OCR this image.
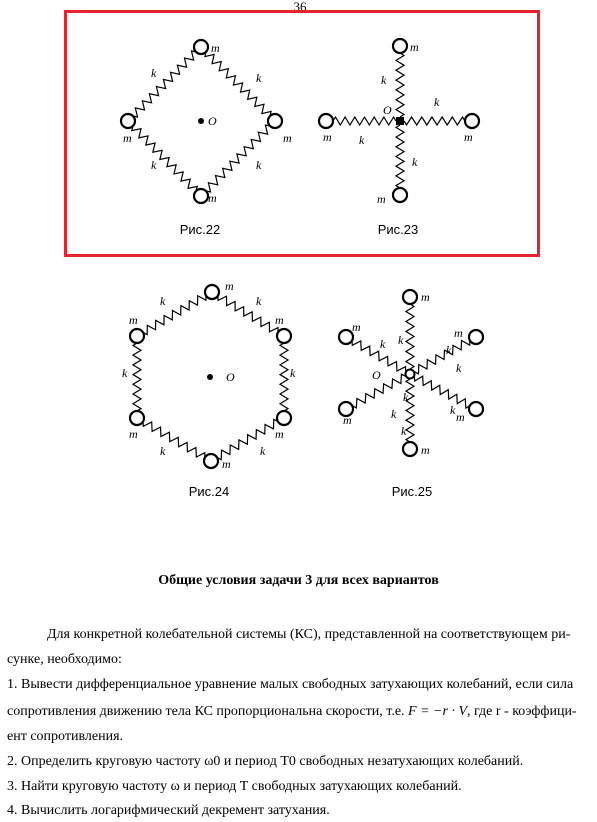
36
O
m
m
m
m
k	k
k	k
O
m
m
m
m
k
k
k
k
O
m
m
m
m
m
m
k	k
k
k
k
k	O
m
m
m
m
m
m
k k
k
k
k
k
k
k
Рис.22	Рис.23
Рис.24	Рис.25
Общие условия задачи 3 для всех вариантов
Для конкретной колебательной системы (КС), представленной на соответствующем ри-
сунке, необходимо:
1. Вывести дифференциальное уравнение малых свободных затухающих колебаний, если сила
сопротивления движению тела КС пропорциональна скорости, т.е. F = −r · V, где r - коэффици-
ент сопротивления.
2. Определить круговую частоту ω0 и период T0 свободных незатухающих колебаний.
3. Найти круговую частоту ω и период T свободных затухающих колебаний.
4. Вычислить логарифмический декремент затухания.
